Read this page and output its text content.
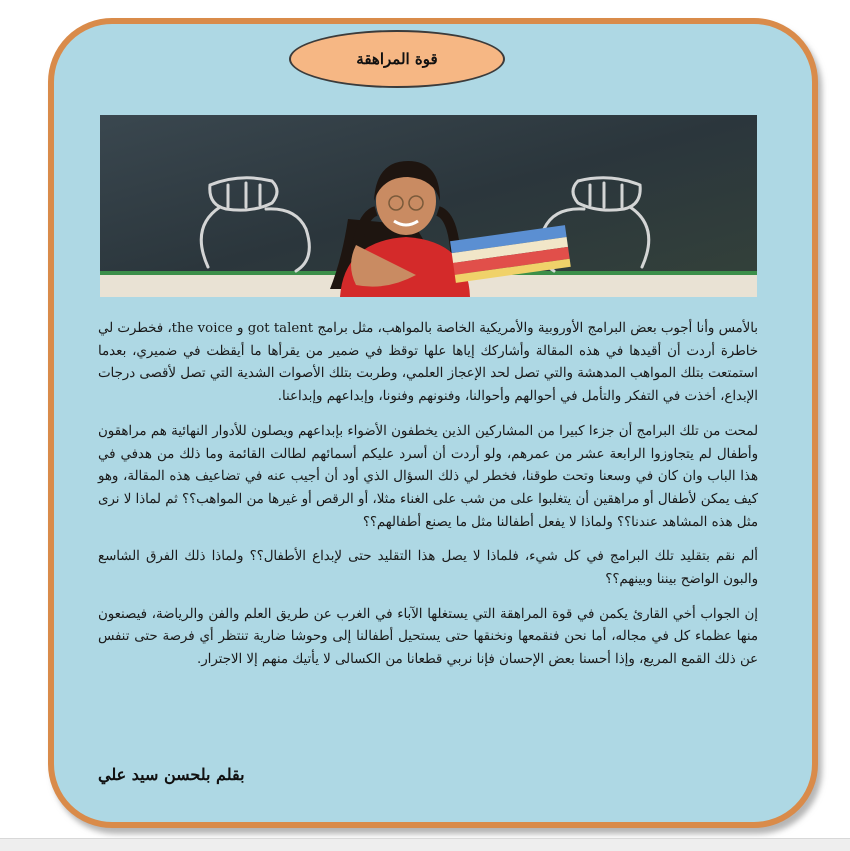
قوة المراهقة

بالأمس وأنا أجوب بعض البرامج الأوروبية والأمريكية الخاصة بالمواهب، مثل برامج got talent و the voice، فخطرت لي خاطرة أردت أن أقيدها في هذه المقالة وأشاركك إياها علها توقظ في ضمير من يقرأها ما أيقظت في ضميري، بعدما استمتعت بتلك المواهب المدهشة والتي تصل لحد الإعجاز العلمي، وطربت بتلك الأصوات الشدية التي تصل لأقصى درجات الإبداع، أخذت في التفكر والتأمل في أحوالهم وأحوالنا، وفنونهم وفنونا، وإبداعهم وإبداعنا.

لمحت من تلك البرامج أن جزءا كبيرا من المشاركين الذين يخطفون الأضواء بإبداعهم ويصلون للأدوار النهائية هم مراهقون وأطفال لم يتجاوزوا الرابعة عشر من عمرهم، ولو أردت أن أسرد عليكم أسمائهم لطالت القائمة وما ذلك من هدفي في هذا الباب وان كان في وسعنا وتحت طوقنا، فخطر لي ذلك السؤال الذي أود أن أجيب عنه في تضاعيف هذه المقالة، وهو كيف يمكن لأطفال أو مراهقين أن يتغلبوا على من شب على الغناء مثلا، أو الرقص أو غيرها من المواهب؟؟ ثم لماذا لا نرى مثل هذه المشاهد عندنا؟؟ ولماذا لا يفعل أطفالنا مثل ما يصنع أطفالهم؟؟

ألم نقم بتقليد تلك البرامج في كل شيء، فلماذا لا يصل هذا التقليد حتى لإبداع الأطفال؟؟ ولماذا ذلك الفرق الشاسع والبون الواضح بيننا وبينهم؟؟

إن الجواب أخي القارئ يكمن في قوة المراهقة التي يستغلها الآباء في الغرب عن طريق العلم والفن والرياضة، فيصنعون منها عظماء كل في مجاله، أما نحن فنقمعها ونخنقها حتى يستحيل أطفالنا إلى وحوشا ضارية تنتظر أي فرصة حتى تنفس عن ذلك القمع المريع، وإذا أحسنا بعض الإحسان فإنا نربي قطعانا من الكسالى لا يأتيك منهم إلا الاجترار.

بقلم بلحسن سيد علي
